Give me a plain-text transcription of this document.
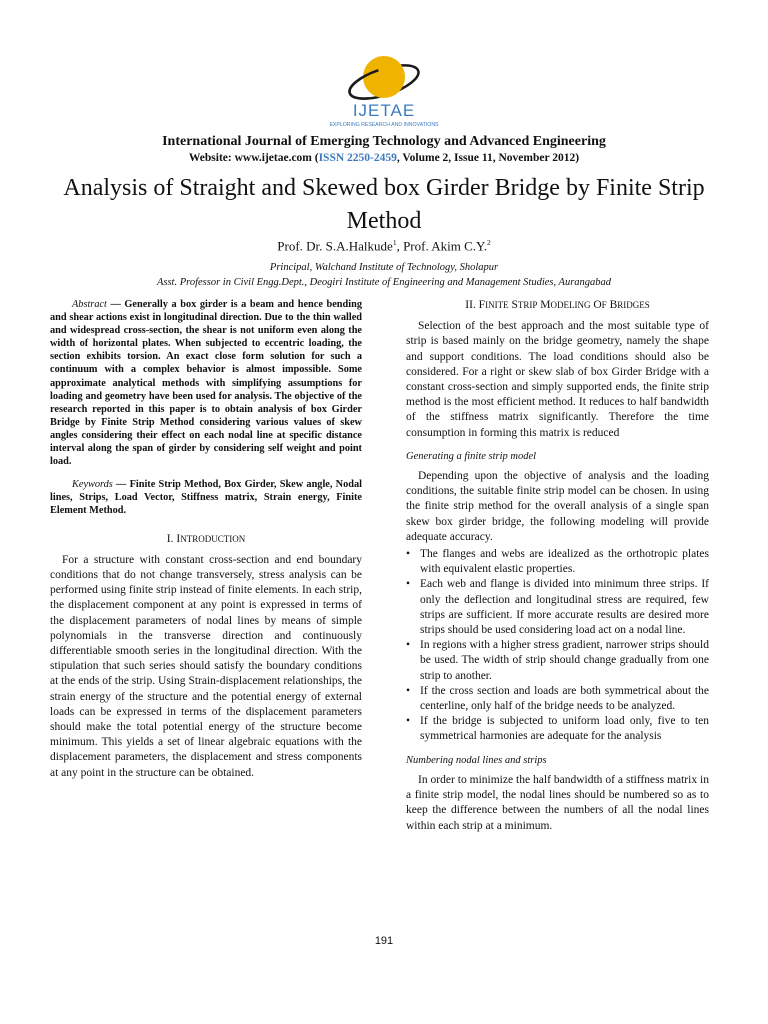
IJETAE
EXPLORING RESEARCH AND INNOVATIONS
International Journal of Emerging Technology and Advanced Engineering
Website: www.ijetae.com (ISSN 2250-2459, Volume 2, Issue 11, November 2012)
Analysis of Straight and Skewed box Girder Bridge by Finite Strip Method
Prof. Dr. S.A.Halkude$^1$, Prof. Akim C.Y.$^2$
Principal, Walchand Institute of Technology, Sholapur
Asst. Professor in Civil Engg.Dept., Deogiri Institute of Engineering and Management Studies, Aurangabad

Abstract — Generally a box girder is a beam and hence bending and shear actions exist in longitudinal direction. Due to the thin walled and widespread cross-section, the shear is not uniform even along the width of horizontal plates. When subjected to eccentric loading, the section exhibits torsion. An exact close form solution for such a continuum with a complex behavior is almost impossible. Some approximate analytical methods with simplifying assumptions for loading and geometry have been used for analysis. The objective of the research reported in this paper is to obtain analysis of box Girder Bridge by Finite Strip Method considering various values of skew angles considering their effect on each nodal line at specific distance interval along the span of girder by considering self weight and point load.

Keywords — Finite Strip Method, Box Girder, Skew angle, Nodal lines, Strips, Load Vector, Stiffness matrix, Strain energy, Finite Element Method.

I. INTRODUCTION

For a structure with constant cross-section and end boundary conditions that do not change transversely, stress analysis can be performed using finite strip instead of finite elements. In each strip, the displacement component at any point is expressed in terms of the displacement parameters of nodal lines by means of simple polynomials in the transverse direction and continuously differentiable smooth series in the longitudinal direction. With the stipulation that such series should satisfy the boundary conditions at the ends of the strip. Using Strain-displacement relationships, the strain energy of the structure and the potential energy of external loads can be expressed in terms of the displacement parameters should make the total potential energy of the structure become minimum. This yields a set of linear algebraic equations with the displacement parameters, the displacement and stress components at any point in the structure can be obtained.

II. FINITE STRIP MODELING OF BRIDGES

Selection of the best approach and the most suitable type of strip is based mainly on the bridge geometry, namely the shape and support conditions. The load conditions should also be considered. For a right or skew slab of box Girder Bridge with a constant cross-section and simply supported ends, the finite strip method is the most efficient method. It reduces to half bandwidth of the stiffness matrix significantly. Therefore the time consumption in forming this matrix is reduced

Generating a finite strip model

Depending upon the objective of analysis and the loading conditions, the suitable finite strip model can be chosen. In using the finite strip method for the overall analysis of a single span skew box girder bridge, the following modeling will provide adequate accuracy.

• The flanges and webs are idealized as the orthotropic plates with equivalent elastic properties.
• Each web and flange is divided into minimum three strips. If only the deflection and longitudinal stress are required, few strips are sufficient. If more accurate results are desired more strips should be used considering load act on a nodal line.
• In regions with a higher stress gradient, narrower strips should be used. The width of strip should change gradually from one strip to another.
• If the cross section and loads are both symmetrical about the centerline, only half of the bridge needs to be analyzed.
• If the bridge is subjected to uniform load only, five to ten symmetrical harmonies are adequate for the analysis
Numbering nodal lines and strips

In order to minimize the half bandwidth of a stiffness matrix in a finite strip model, the nodal lines should be numbered so as to keep the difference between the numbers of all the nodal lines within each strip at a minimum.

191
